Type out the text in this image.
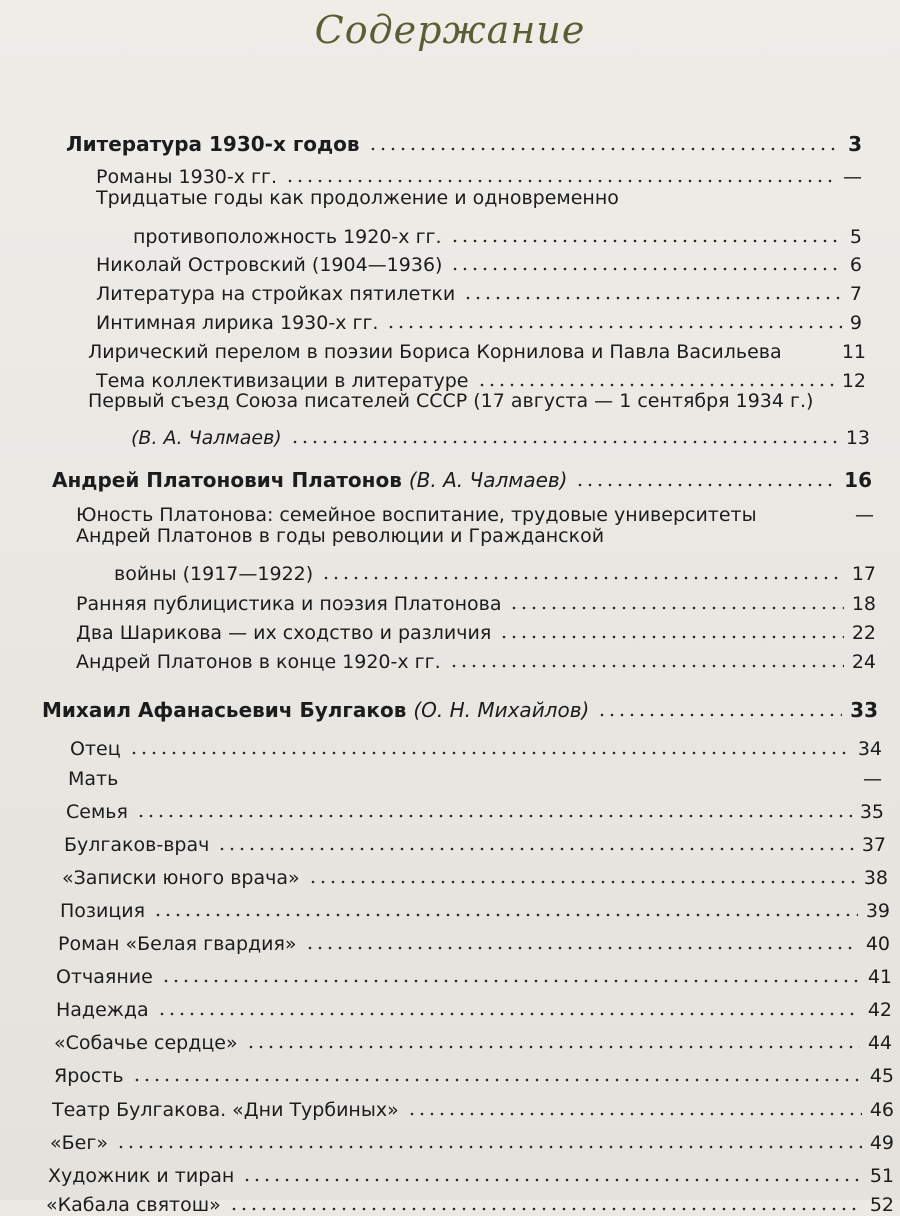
Содержание
Литература 1930-х годов	3
Романы 1930-х гг.	—
Тридцатые годы как продолжение и одновременно
противоположность 1920-х гг.	5
Николай Островский (1904—1936)	6
Литература на стройках пятилетки	7
Интимная лирика 1930-х гг.	9
Лирический перелом в поэзии Бориса Корнилова и Павла Васильева	11
Тема коллективизации в литературе	12
Первый съезд Союза писателей СССР (17 августа — 1 сентября 1934 г.)
(В. А. Чалмаев)	13
Андрей Платонович Платонов (В. А. Чалмаев)	16
Юность Платонова: семейное воспитание, трудовые университеты	—
Андрей Платонов в годы революции и Гражданской
войны (1917—1922)	17
Ранняя публицистика и поэзия Платонова	18
Два Шарикова — их сходство и различия	22
Андрей Платонов в конце 1920-х гг.	24
Михаил Афанасьевич Булгаков (О. Н. Михайлов)	33
Отец	34
Мать	—
Семья	35
Булгаков-врач	37
«Записки юного врача»	38
Позиция	39
Роман «Белая гвардия»	40
Отчаяние	41
Надежда	42
«Собачье сердце»	44
Ярость	45
Театр Булгакова. «Дни Турбиных»	46
«Бег»	49
Художник и тиран	51
«Кабала святош»	52
